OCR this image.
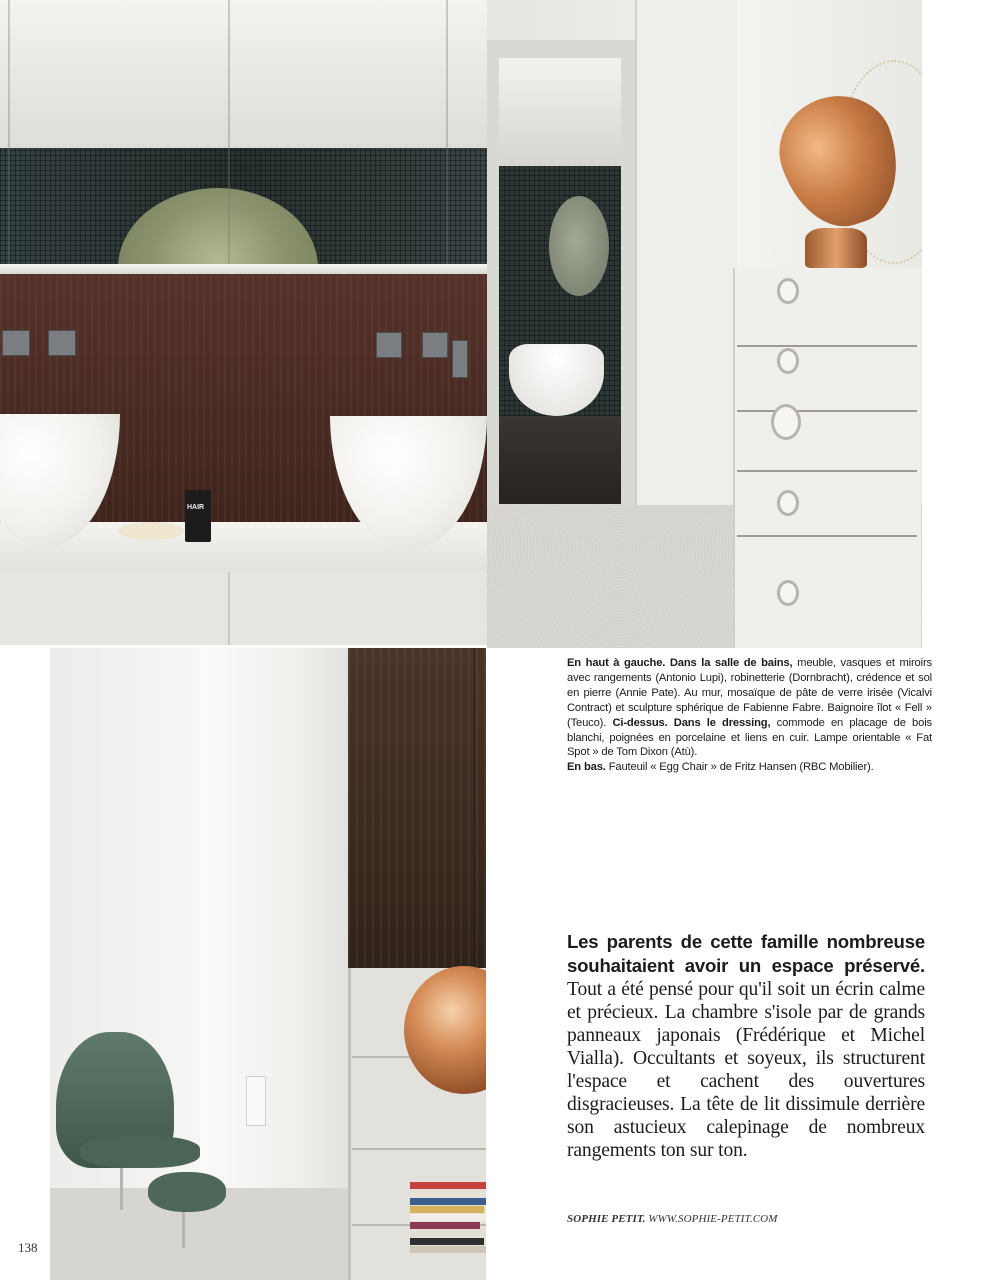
HAIR

En haut à gauche. Dans la salle de bains, meuble, vasques et miroirs avec rangements (Antonio Lupi), robinetterie (Dornbracht), crédence et sol en pierre (Annie Pate). Au mur, mosaïque de pâte de verre irisée (Vicalvi Contract) et sculpture sphérique de Fabienne Fabre. Baignoire îlot « Fell » (Teuco). Ci-dessus. Dans le dressing, commode en placage de bois blanchi, poignées en porcelaine et liens en cuir. Lampe orientable « Fat Spot » de Tom Dixon (Atù).
En bas. Fauteuil « Egg Chair » de Fritz Hansen (RBC Mobilier).

Les parents de cette famille nombreuse souhaitaient avoir un espace préservé. Tout a été pensé pour qu'il soit un écrin calme et précieux. La chambre s'isole par de grands panneaux japonais (Frédérique et Michel Vialla). Occultants et soyeux, ils structurent l'espace et cachent des ouvertures disgracieuses. La tête de lit dissimule derrière son astucieux calepinage de nombreux rangements ton sur ton.

SOPHIE PETIT. WWW.SOPHIE-PETIT.COM

138
